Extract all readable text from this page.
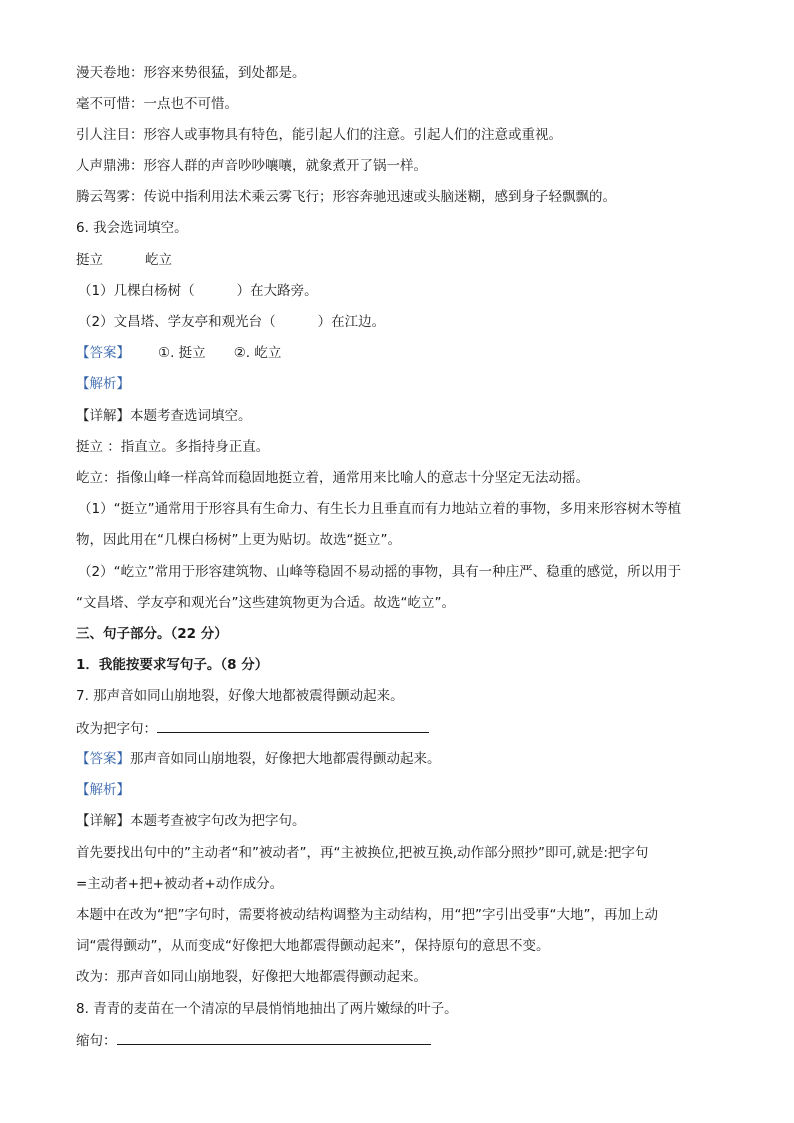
漫天卷地：形容来势很猛，到处都是。
毫不可惜：一点也不可惜。
引人注目：形容人或事物具有特色，能引起人们的注意。引起人们的注意或重视。
人声鼎沸：形容人群的声音吵吵嚷嚷，就象煮开了锅一样。
腾云驾雾：传说中指利用法术乘云雾飞行；形容奔驰迅速或头脑迷糊，感到身子轻飘飘的。
6. 我会选词填空。
挺立	屹立
（1）几棵白杨树（	）在大路旁。
（2）文昌塔、学友亭和观光台（	）在江边。
【答案】 ①. 挺立 ②. 屹立
【解析】
【详解】本题考查选词填空。
挺立 ：指直立。多指持身正直。
屹立：指像山峰一样高耸而稳固地挺立着，通常用来比喻人的意志十分坚定无法动摇。
（1）“挺立”通常用于形容具有生命力、有生长力且垂直而有力地站立着的事物，多用来形容树木等植
物，因此用在“几棵白杨树”上更为贴切。故选“挺立”。
（2）“屹立”常用于形容建筑物、山峰等稳固不易动摇的事物，具有一种庄严、稳重的感觉，所以用于
“文昌塔、学友亭和观光台”这些建筑物更为合适。故选“屹立”。
三、句子部分。（22 分）
1．我能按要求写句子。（8 分）
7. 那声音如同山崩地裂，好像大地都被震得颤动起来。
改为把字句：
【答案】那声音如同山崩地裂，好像把大地都震得颤动起来。
【解析】
【详解】本题考查被字句改为把字句。
首先要找出句中的”主动者“和”被动者”，再“主被换位,把被互换,动作部分照抄”即可,就是:把字句
=主动者+把+被动者+动作成分。
本题中在改为“把”字句时，需要将被动结构调整为主动结构，用“把”字引出受事“大地”，再加上动
词“震得颤动”，从而变成“好像把大地都震得颤动起来”，保持原句的意思不变。
改为：那声音如同山崩地裂，好像把大地都震得颤动起来。
8. 青青的麦苗在一个清凉的早晨悄悄地抽出了两片嫩绿的叶子。
缩句：
